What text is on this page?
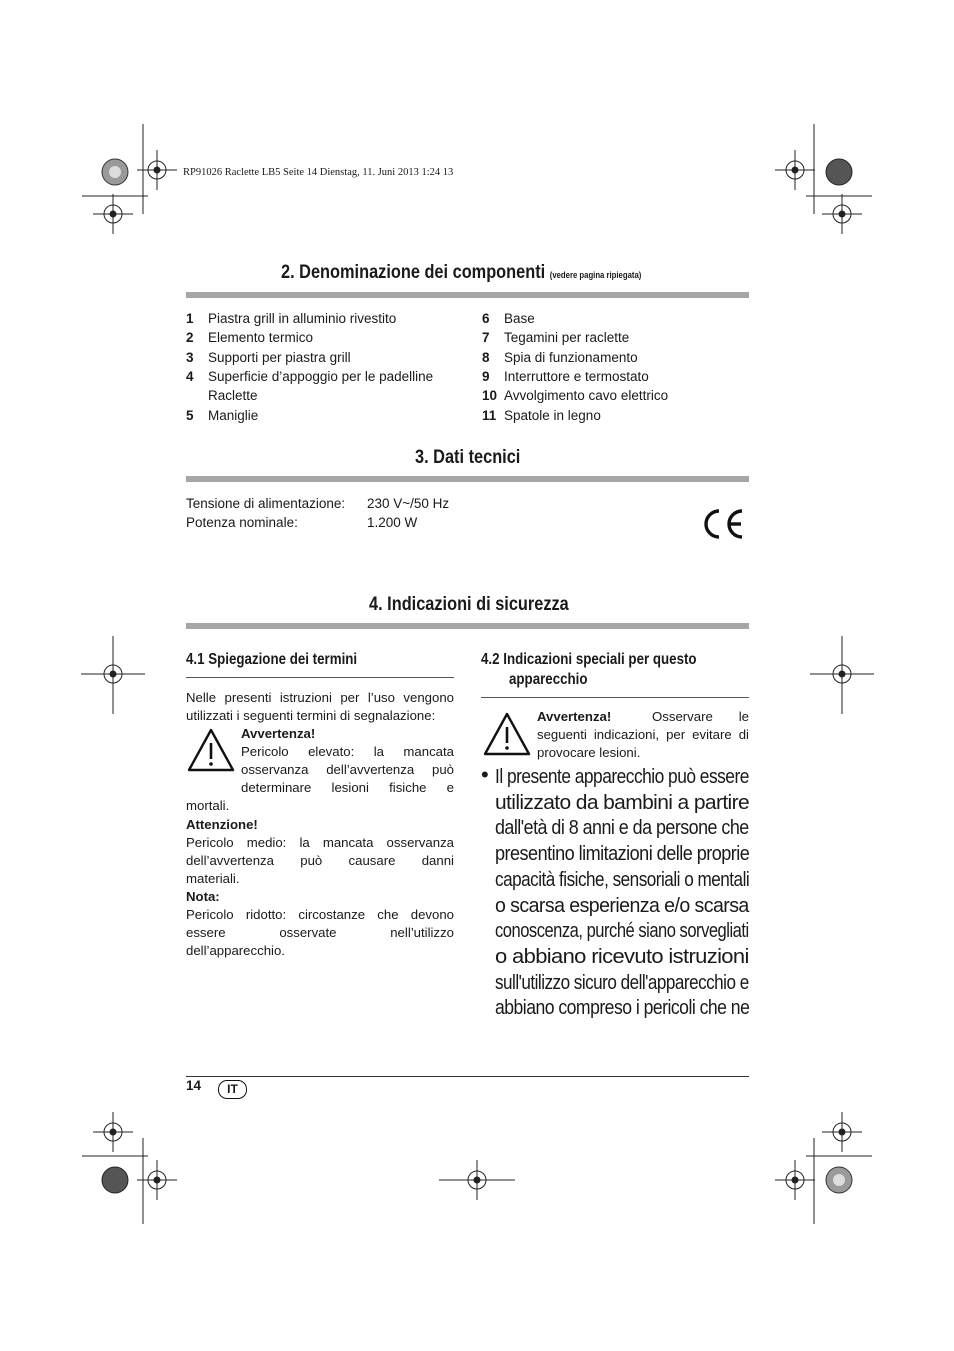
RP91026 Raclette LB5 Seite 14 Dienstag, 11. Juni 2013 1:24 13
2. Denominazione dei componenti (vedere pagina ripiegata)
1 Piastra grill in alluminio rivestito
2 Elemento termico
3 Supporti per piastra grill
4 Superficie d’appoggio per le padelline
Raclette
5 Maniglie
6 Base
7 Tegamini per raclette
8 Spia di funzionamento
9 Interruttore e termostato
10 Avvolgimento cavo elettrico
11 Spatole in legno
3. Dati tecnici
Tensione di alimentazione: 230 V~/50 Hz
Potenza nominale:	1.200 W
4. Indicazioni di sicurezza
4.1 Spiegazione dei termini
Nelle presenti istruzioni per l’uso vengono
utilizzati i seguenti termini di segnalazione:
Avvertenza!
Pericolo elevato: la mancata
osservanza dell’avvertenza può
determinare lesioni fisiche e
mortali.
Attenzione!
Pericolo medio: la mancata osservanza
dell’avvertenza può causare danni
materiali.
Nota:
Pericolo ridotto: circostanze che devono
essere osservate nell’utilizzo
dell’apparecchio.
4.2 Indicazioni speciali per questo
apparecchio
Avvertenza!	Osservare le
seguenti indicazioni, per evitare di
provocare lesioni.
• Il presente apparecchio può essere
utilizzato da bambini a partire
dall'età di 8 anni e da persone che
presentino limitazioni delle proprie
capacità fisiche, sensoriali o mentali
o scarsa esperienza e/o scarsa
conoscenza, purché siano sorvegliati
o abbiano ricevuto istruzioni
sull'utilizzo sicuro dell'apparecchio e
abbiano compreso i pericoli che ne
14	IT
